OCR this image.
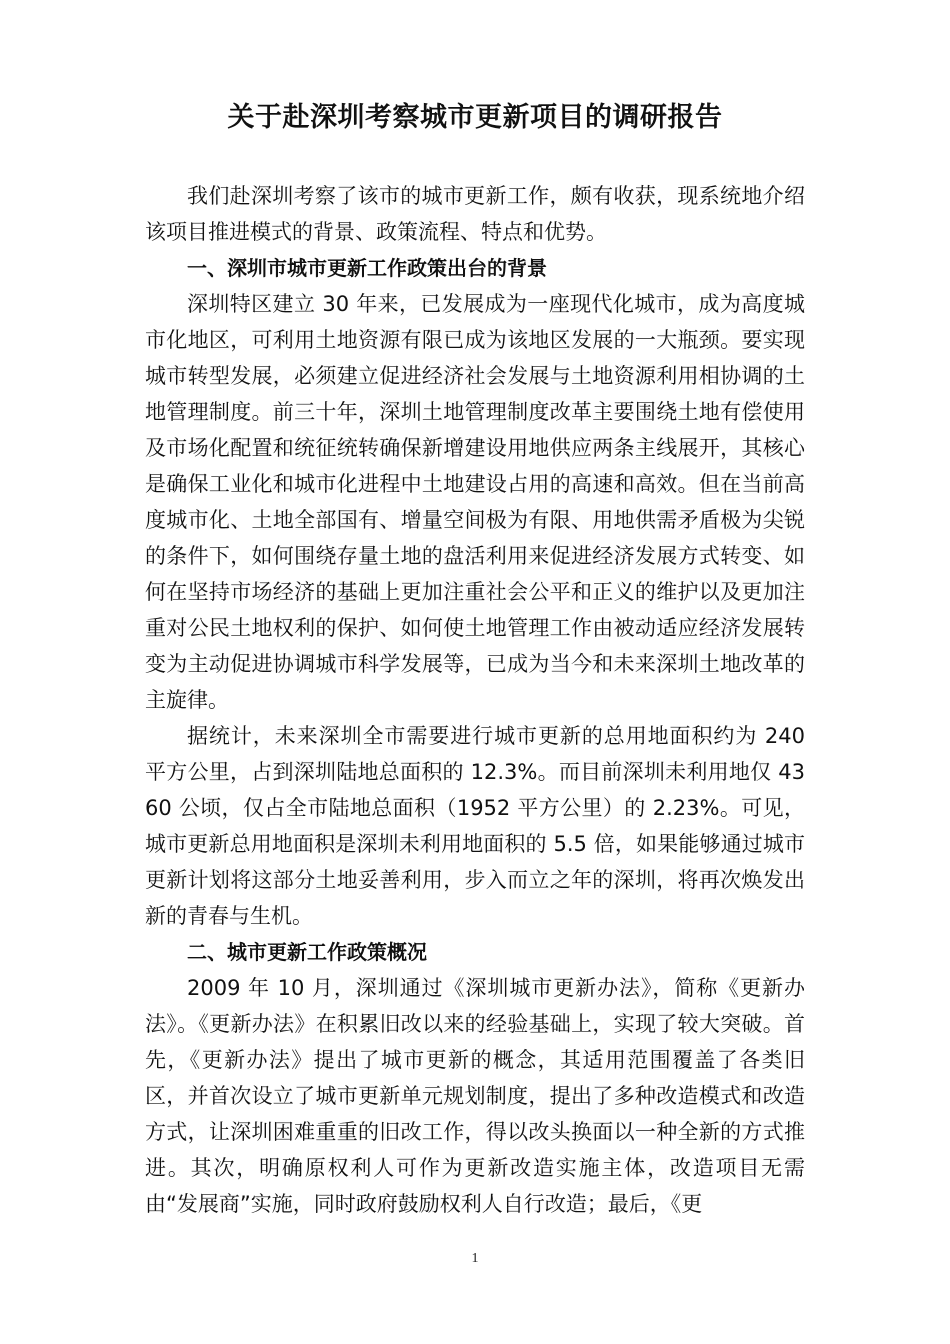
关于赴深圳考察城市更新项目的调研报告

我们赴深圳考察了该市的城市更新工作，颇有收获，现系统地介绍该项目推进模式的背景、政策流程、特点和优势。

一、深圳市城市更新工作政策出台的背景

深圳特区建立 30 年来，已发展成为一座现代化城市，成为高度城市化地区，可利用土地资源有限已成为该地区发展的一大瓶颈。要实现城市转型发展，必须建立促进经济社会发展与土地资源利用相协调的土地管理制度。前三十年，深圳土地管理制度改革主要围绕土地有偿使用及市场化配置和统征统转确保新增建设用地供应两条主线展开，其核心是确保工业化和城市化进程中土地建设占用的高速和高效。但在当前高度城市化、土地全部国有、增量空间极为有限、用地供需矛盾极为尖锐的条件下，如何围绕存量土地的盘活利用来促进经济发展方式转变、如何在坚持市场经济的基础上更加注重社会公平和正义的维护以及更加注重对公民土地权利的保护、如何使土地管理工作由被动适应经济发展转变为主动促进协调城市科学发展等，已成为当今和未来深圳土地改革的主旋律。

据统计，未来深圳全市需要进行城市更新的总用地面积约为 240 平方公里，占到深圳陆地总面积的 12.3%。而目前深圳未利用地仅 4360 公顷，仅占全市陆地总面积（1952 平方公里）的 2.23%。可见，城市更新总用地面积是深圳未利用地面积的 5.5 倍，如果能够通过城市更新计划将这部分土地妥善利用，步入而立之年的深圳，将再次焕发出新的青春与生机。

二、城市更新工作政策概况

2009 年 10 月，深圳通过《深圳城市更新办法》，简称《更新办法》。《更新办法》在积累旧改以来的经验基础上，实现了较大突破。首先，《更新办法》提出了城市更新的概念，其适用范围覆盖了各类旧区，并首次设立了城市更新单元规划制度，提出了多种改造模式和改造方式，让深圳困难重重的旧改工作，得以改头换面以一种全新的方式推进。其次，明确原权利人可作为更新改造实施主体，改造项目无需由“发展商”实施，同时政府鼓励权利人自行改造；最后，《更

1
